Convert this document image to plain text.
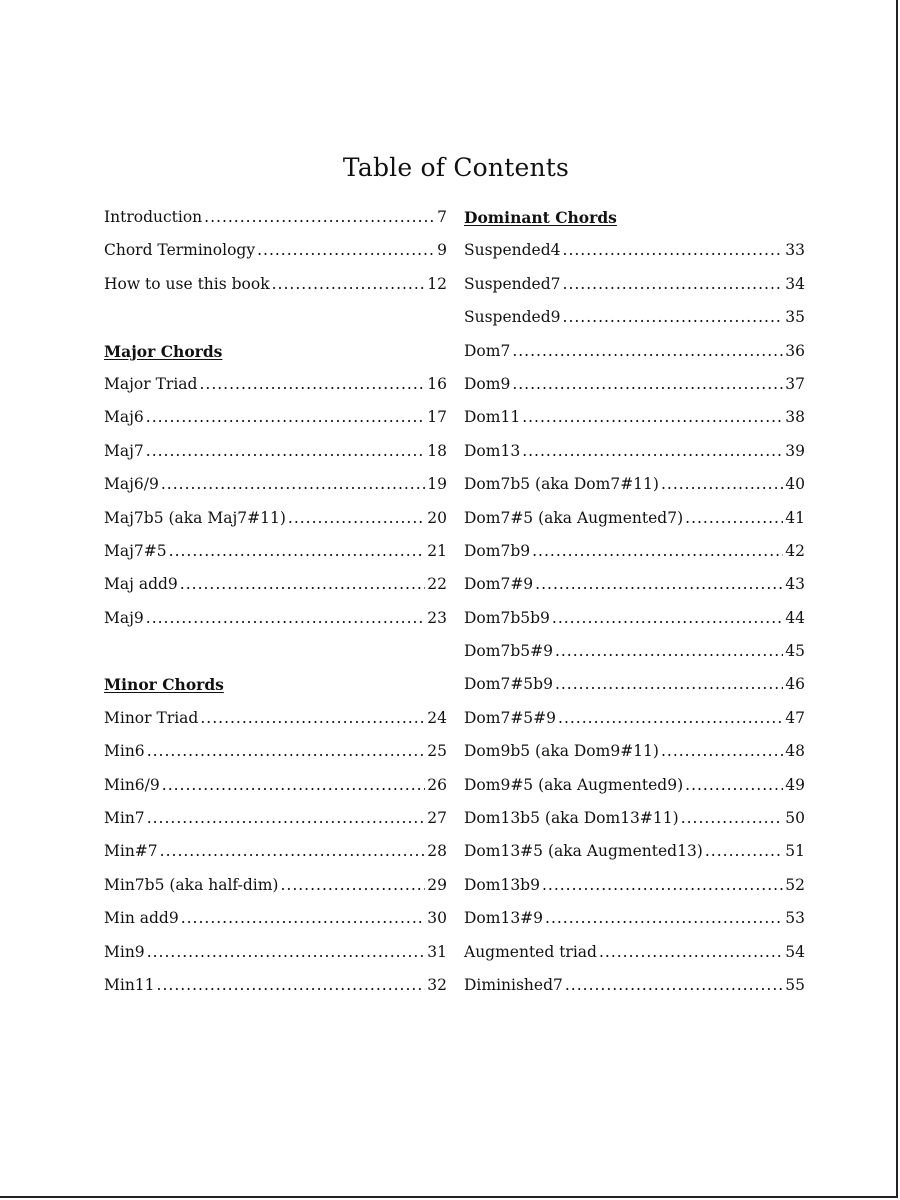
Table of Contents
Introduction .....	7
Chord Terminology .....	9
How to use this book .....	12
Major Chords
Major Triad .....	16
Maj6 .....	17
Maj7 .....	18
Maj6/9 .....	19
Maj7b5 (aka Maj7#11) .....	20
Maj7#5 .....	21
Maj add9 .....	22
Maj9 .....	23
Minor Chords
Minor Triad .....	24
Min6 .....	25
Min6/9 .....	26
Min7 .....	27
Min#7 .....	28
Min7b5 (aka half-dim) .....	29
Min add9 .....	30
Min9 .....	31
Min11 .....	32
Dominant Chords
Suspended4 .....	33
Suspended7 .....	34
Suspended9 .....	35
Dom7 .....	36
Dom9 .....	37
Dom11 .....	38
Dom13 .....	39
Dom7b5 (aka Dom7#11) .....	40
Dom7#5 (aka Augmented7) .....	41
Dom7b9 .....	42
Dom7#9 .....	43
Dom7b5b9 .....	44
Dom7b5#9 .....	45
Dom7#5b9 .....	46
Dom7#5#9 .....	47
Dom9b5 (aka Dom9#11) .....	48
Dom9#5 (aka Augmented9) .....	49
Dom13b5 (aka Dom13#11) .....	50
Dom13#5 (aka Augmented13) .....	51
Dom13b9 .....	52
Dom13#9 .....	53
Augmented triad .....	54
Diminished7 .....	55
